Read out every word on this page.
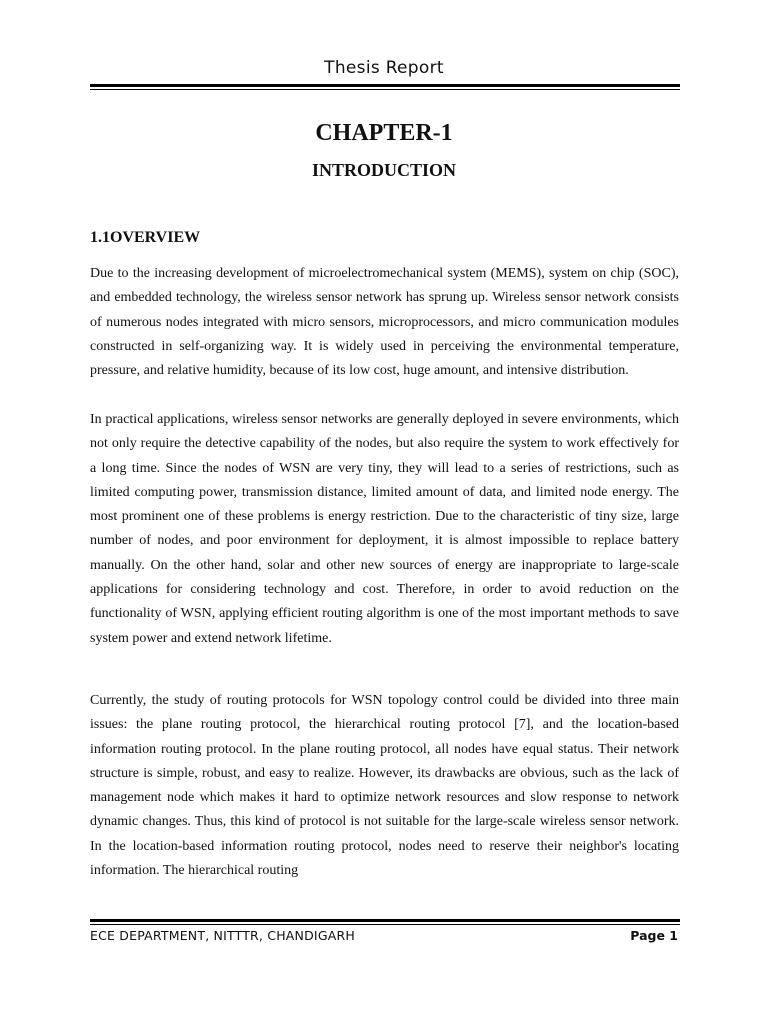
Thesis Report
CHAPTER-1
INTRODUCTION
1.1OVERVIEW

Due to the increasing development of microelectromechanical system (MEMS), system on chip (SOC), and embedded technology, the wireless sensor network has sprung up. Wireless sensor network consists of numerous nodes integrated with micro sensors, microprocessors, and micro communication modules constructed in self-organizing way. It is widely used in perceiving the environmental temperature, pressure, and relative humidity, because of its low cost, huge amount, and intensive distribution.

In practical applications, wireless sensor networks are generally deployed in severe environments, which not only require the detective capability of the nodes, but also require the system to work effectively for a long time. Since the nodes of WSN are very tiny, they will lead to a series of restrictions, such as limited computing power, transmission distance, limited amount of data, and limited node energy. The most prominent one of these problems is energy restriction. Due to the characteristic of tiny size, large number of nodes, and poor environment for deployment, it is almost impossible to replace battery manually. On the other hand, solar and other new sources of energy are inappropriate to large-scale applications for considering technology and cost. Therefore, in order to avoid reduction on the functionality of WSN, applying efficient routing algorithm is one of the most important methods to save system power and extend network lifetime.

Currently, the study of routing protocols for WSN topology control could be divided into three main issues: the plane routing protocol, the hierarchical routing protocol [7], and the location-based information routing protocol. In the plane routing protocol, all nodes have equal status. Their network structure is simple, robust, and easy to realize. However, its drawbacks are obvious, such as the lack of management node which makes it hard to optimize network resources and slow response to network dynamic changes. Thus, this kind of protocol is not suitable for the large-scale wireless sensor network. In the location-based information routing protocol, nodes need to reserve their neighbor's locating information. The hierarchical routing

ECE DEPARTMENT, NITTTR, CHANDIGARH	Page 1
